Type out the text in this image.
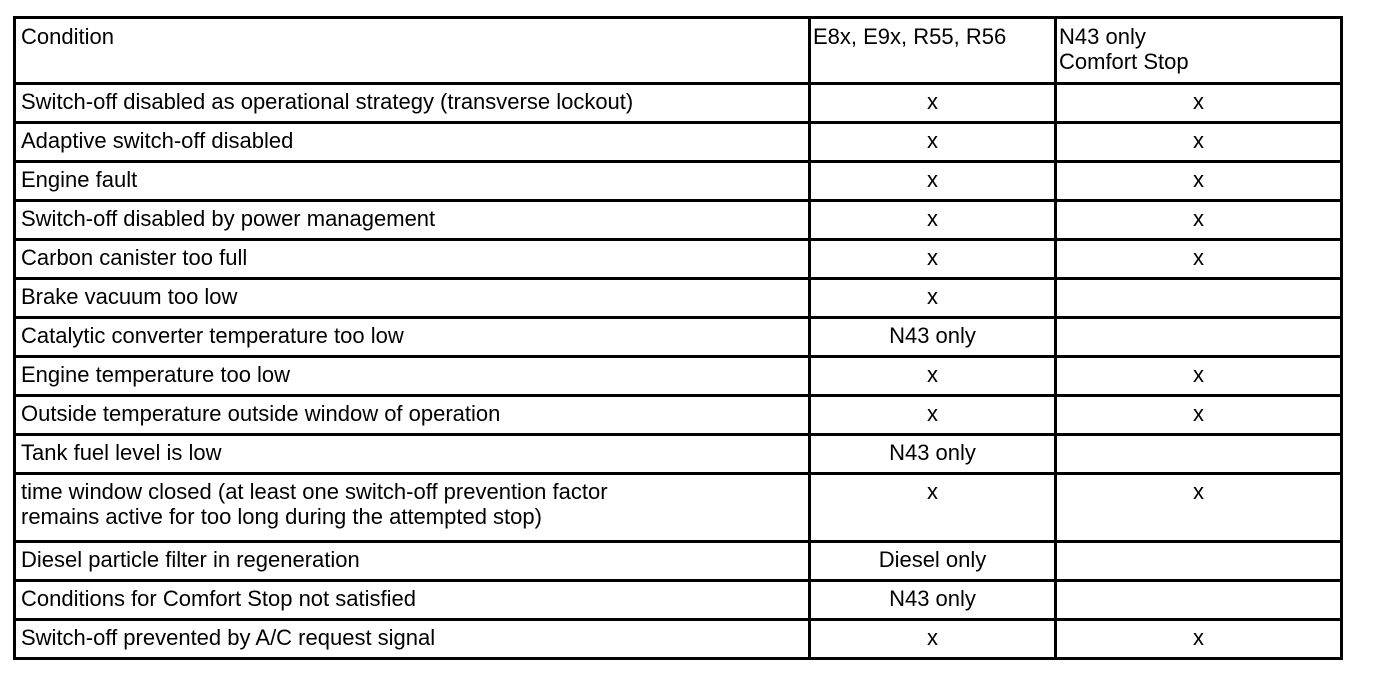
Condition	E8x, E9x, R55, R56	N43 only
Comfort Stop

Switch-off disabled as operational strategy (transverse lockout)	x	x
Adaptive switch-off disabled	x	x
Engine fault	x	x
Switch-off disabled by power management	x	x
Carbon canister too full	x	x
Brake vacuum too low	x	
Catalytic converter temperature too low	N43 only	
Engine temperature too low	x	x
Outside temperature outside window of operation	x	x
Tank fuel level is low	N43 only	

time window closed (at least one switch-off prevention factor
remains active for too long during the attempted stop)	x	x
Diesel particle filter in regeneration	Diesel only	
Conditions for Comfort Stop not satisfied	N43 only	
Switch-off prevented by A/C request signal	x	x
